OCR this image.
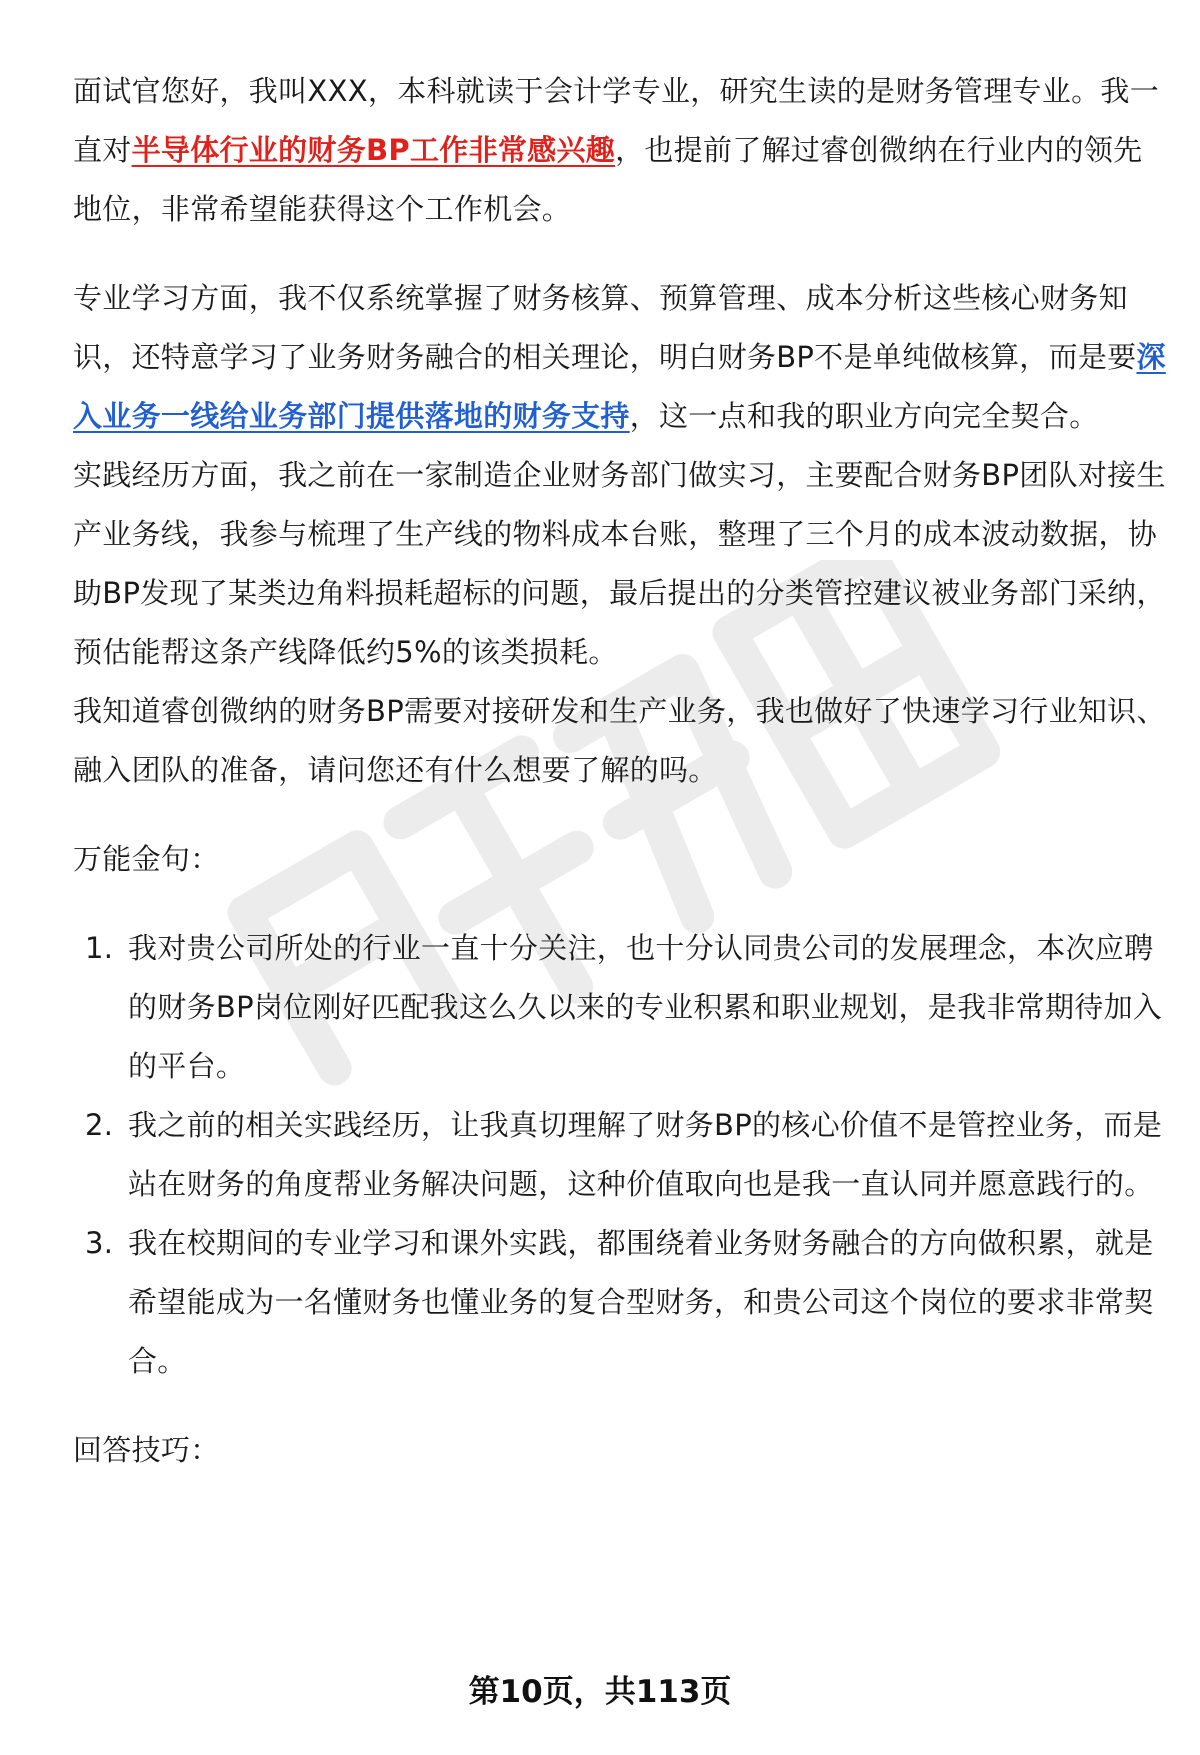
面试官您好，我叫XXX，本科就读于会计学专业，研究生读的是财务管理专业。我一直对半导体行业的财务BP工作非常感兴趣，也提前了解过睿创微纳在行业内的领先地位，非常希望能获得这个工作机会。

专业学习方面，我不仅系统掌握了财务核算、预算管理、成本分析这些核心财务知识，还特意学习了业务财务融合的相关理论，明白财务BP不是单纯做核算，而是要深入业务一线给业务部门提供落地的财务支持，这一点和我的职业方向完全契合。

实践经历方面，我之前在一家制造企业财务部门做实习，主要配合财务BP团队对接生产业务线，我参与梳理了生产线的物料成本台账，整理了三个月的成本波动数据，协助BP发现了某类边角料损耗超标的问题，最后提出的分类管控建议被业务部门采纳，预估能帮这条产线降低约5%的该类损耗。

我知道睿创微纳的财务BP需要对接研发和生产业务，我也做好了快速学习行业知识、融入团队的准备，请问您还有什么想要了解的吗。

万能金句：

1. 我对贵公司所处的行业一直十分关注，也十分认同贵公司的发展理念，本次应聘的财务BP岗位刚好匹配我这么久以来的专业积累和职业规划，是我非常期待加入的平台。
2. 我之前的相关实践经历，让我真切理解了财务BP的核心价值不是管控业务，而是站在财务的角度帮业务解决问题，这种价值取向也是我一直认同并愿意践行的。
3. 我在校期间的专业学习和课外实践，都围绕着业务财务融合的方向做积累，就是希望能成为一名懂财务也懂业务的复合型财务，和贵公司这个岗位的要求非常契合。

回答技巧：

第10页，共113页
